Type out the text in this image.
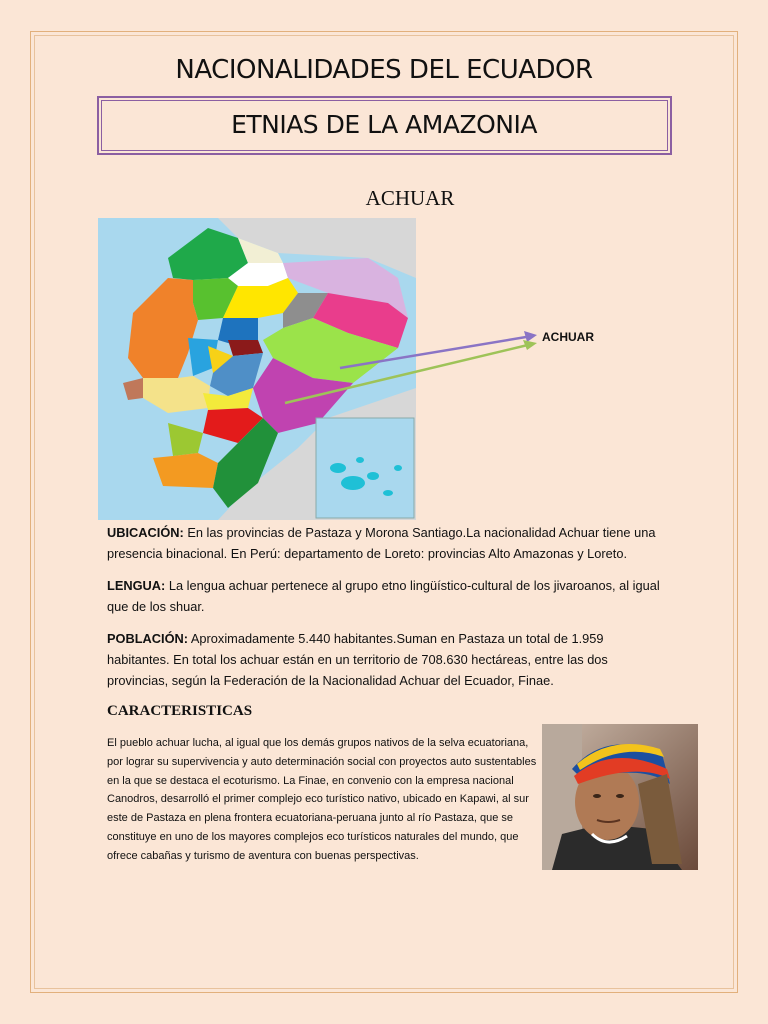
NACIONALIDADES DEL ECUADOR
ETNIAS DE LA AMAZONIA
ACHUAR
ACHUAR
UBICACIÓN: En las provincias de Pastaza y Morona Santiago.La nacionalidad Achuar tiene una presencia binacional. En Perú: departamento de Loreto: provincias Alto Amazonas y Loreto.
LENGUA: La lengua achuar pertenece al grupo etno lingüístico-cultural de los jivaroanos, al igual que de los shuar.
POBLACIÓN: Aproximadamente 5.440 habitantes.Suman en Pastaza un total de 1.959 habitantes. En total los achuar están en un territorio de 708.630 hectáreas, entre las dos provincias, según la Federación de la Nacionalidad Achuar del Ecuador, Finae.
CARACTERISTICAS
El pueblo achuar lucha, al igual que los demás grupos nativos de la selva ecuatoriana, por lograr su supervivencia y auto determinación social con proyectos auto sustentables en la que se destaca el ecoturismo. La Finae, en convenio con la empresa nacional Canodros, desarrolló el primer complejo eco turístico nativo, ubicado en Kapawi, al sur este de Pastaza en plena frontera ecuatoriana-peruana junto al río Pastaza, que se constituye en uno de los mayores complejos eco turísticos naturales del mundo, que ofrece cabañas y turismo de aventura con buenas perspectivas.
